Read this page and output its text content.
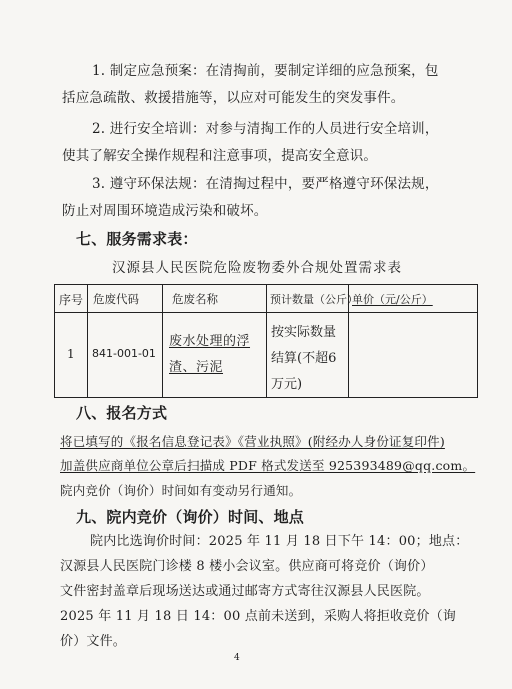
1. 制定应急预案：在清掏前，要制定详细的应急预案，包
括应急疏散、救援措施等，以应对可能发生的突发事件。
2. 进行安全培训：对参与清掏工作的人员进行安全培训，
使其了解安全操作规程和注意事项，提高安全意识。
3. 遵守环保法规：在清掏过程中，要严格遵守环保法规，
防止对周围环境造成污染和破坏。
七、服务需求表：
汉源县人民医院危险废物委外合规处置需求表
序号 危废代码	危废名称	预计数量（公斤）
单价（元/公斤）
1 841-001-01
废水处理的浮
渣、污泥
按实际数量
结算(不超6
万元)
八、报名方式
将已填写的《报名信息登记表》《营业执照》(附经办人身份证复印件)
加盖供应商单位公章后扫描成 PDF 格式发送至 925393489@qq.com。
院内竞价（询价）时间如有变动另行通知。
九、院内竞价（询价）时间、地点
院内比选询价时间：2025 年 11 月 18 日下午 14：00；地点：
汉源县人民医院门诊楼 8 楼小会议室。供应商可将竞价（询价）
文件密封盖章后现场送达或通过邮寄方式寄往汉源县人民医院。
2025 年 11 月 18 日 14：00 点前未送到，采购人将拒收竞价（询
价）文件。
4
